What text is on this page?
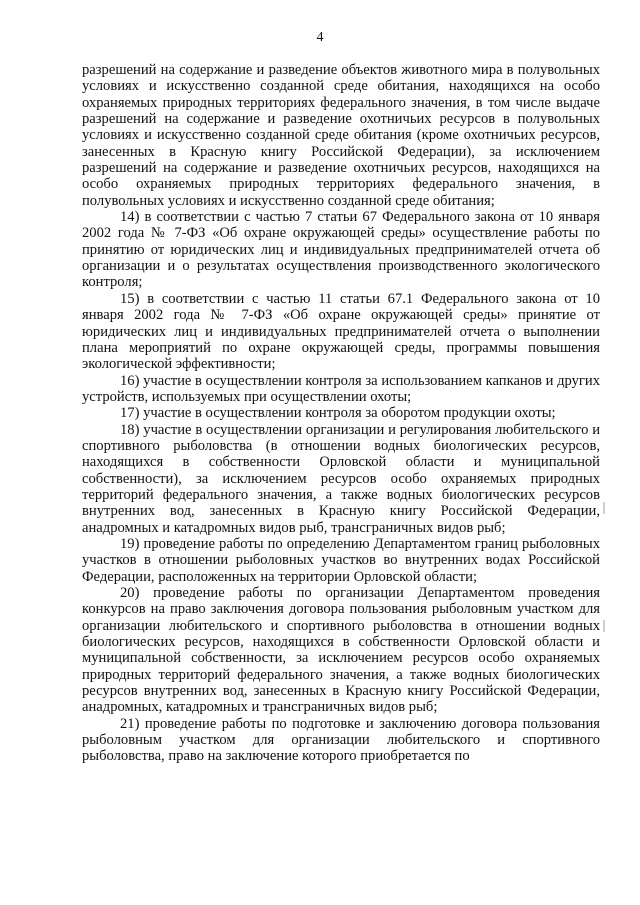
4

разрешений на содержание и разведение объектов животного мира в полувольных условиях и искусственно созданной среде обитания, находящихся на особо охраняемых природных территориях федерального значения, в том числе выдаче разрешений на содержание и разведение охотничьих ресурсов в полувольных условиях и искусственно созданной среде обитания (кроме охотничьих ресурсов, занесенных в Красную книгу Российской Федерации), за исключением разрешений на содержание и разведение охотничьих ресурсов, находящихся на особо охраняемых природных территориях федерального значения, в полувольных условиях и искусственно созданной среде обитания;

14) в соответствии с частью 7 статьи 67 Федерального закона от 10 января 2002 года № 7-ФЗ «Об охране окружающей среды» осуществление работы по принятию от юридических лиц и индивидуальных предпринимателей отчета об организации и о результатах осуществления производственного экологического контроля;

15) в соответствии с частью 11 статьи 67.1 Федерального закона от 10 января 2002 года № 7-ФЗ «Об охране окружающей среды» принятие от юридических лиц и индивидуальных предпринимателей отчета о выполнении плана мероприятий по охране окружающей среды, программы повышения экологической эффективности;

16) участие в осуществлении контроля за использованием капканов и других устройств, используемых при осуществлении охоты;

17) участие в осуществлении контроля за оборотом продукции охоты;

18) участие в осуществлении организации и регулирования любительского и спортивного рыболовства (в отношении водных биологических ресурсов, находящихся в собственности Орловской области и муниципальной собственности), за исключением ресурсов особо охраняемых природных территорий федерального значения, а также водных биологических ресурсов внутренних вод, занесенных в Красную книгу Российской Федерации, анадромных и катадромных видов рыб, трансграничных видов рыб;

19) проведение работы по определению Департаментом границ рыболовных участков в отношении рыболовных участков во внутренних водах Российской Федерации, расположенных на территории Орловской области;

20) проведение работы по организации Департаментом проведения конкурсов на право заключения договора пользования рыболовным участком для организации любительского и спортивного рыболовства в отношении водных биологических ресурсов, находящихся в собственности Орловской области и муниципальной собственности, за исключением ресурсов особо охраняемых природных территорий федерального значения, а также водных биологических ресурсов внутренних вод, занесенных в Красную книгу Российской Федерации, анадромных, катадромных и трансграничных видов рыб;

21) проведение работы по подготовке и заключению договора пользования рыболовным участком для организации любительского и спортивного рыболовства, право на заключение которого приобретается по
